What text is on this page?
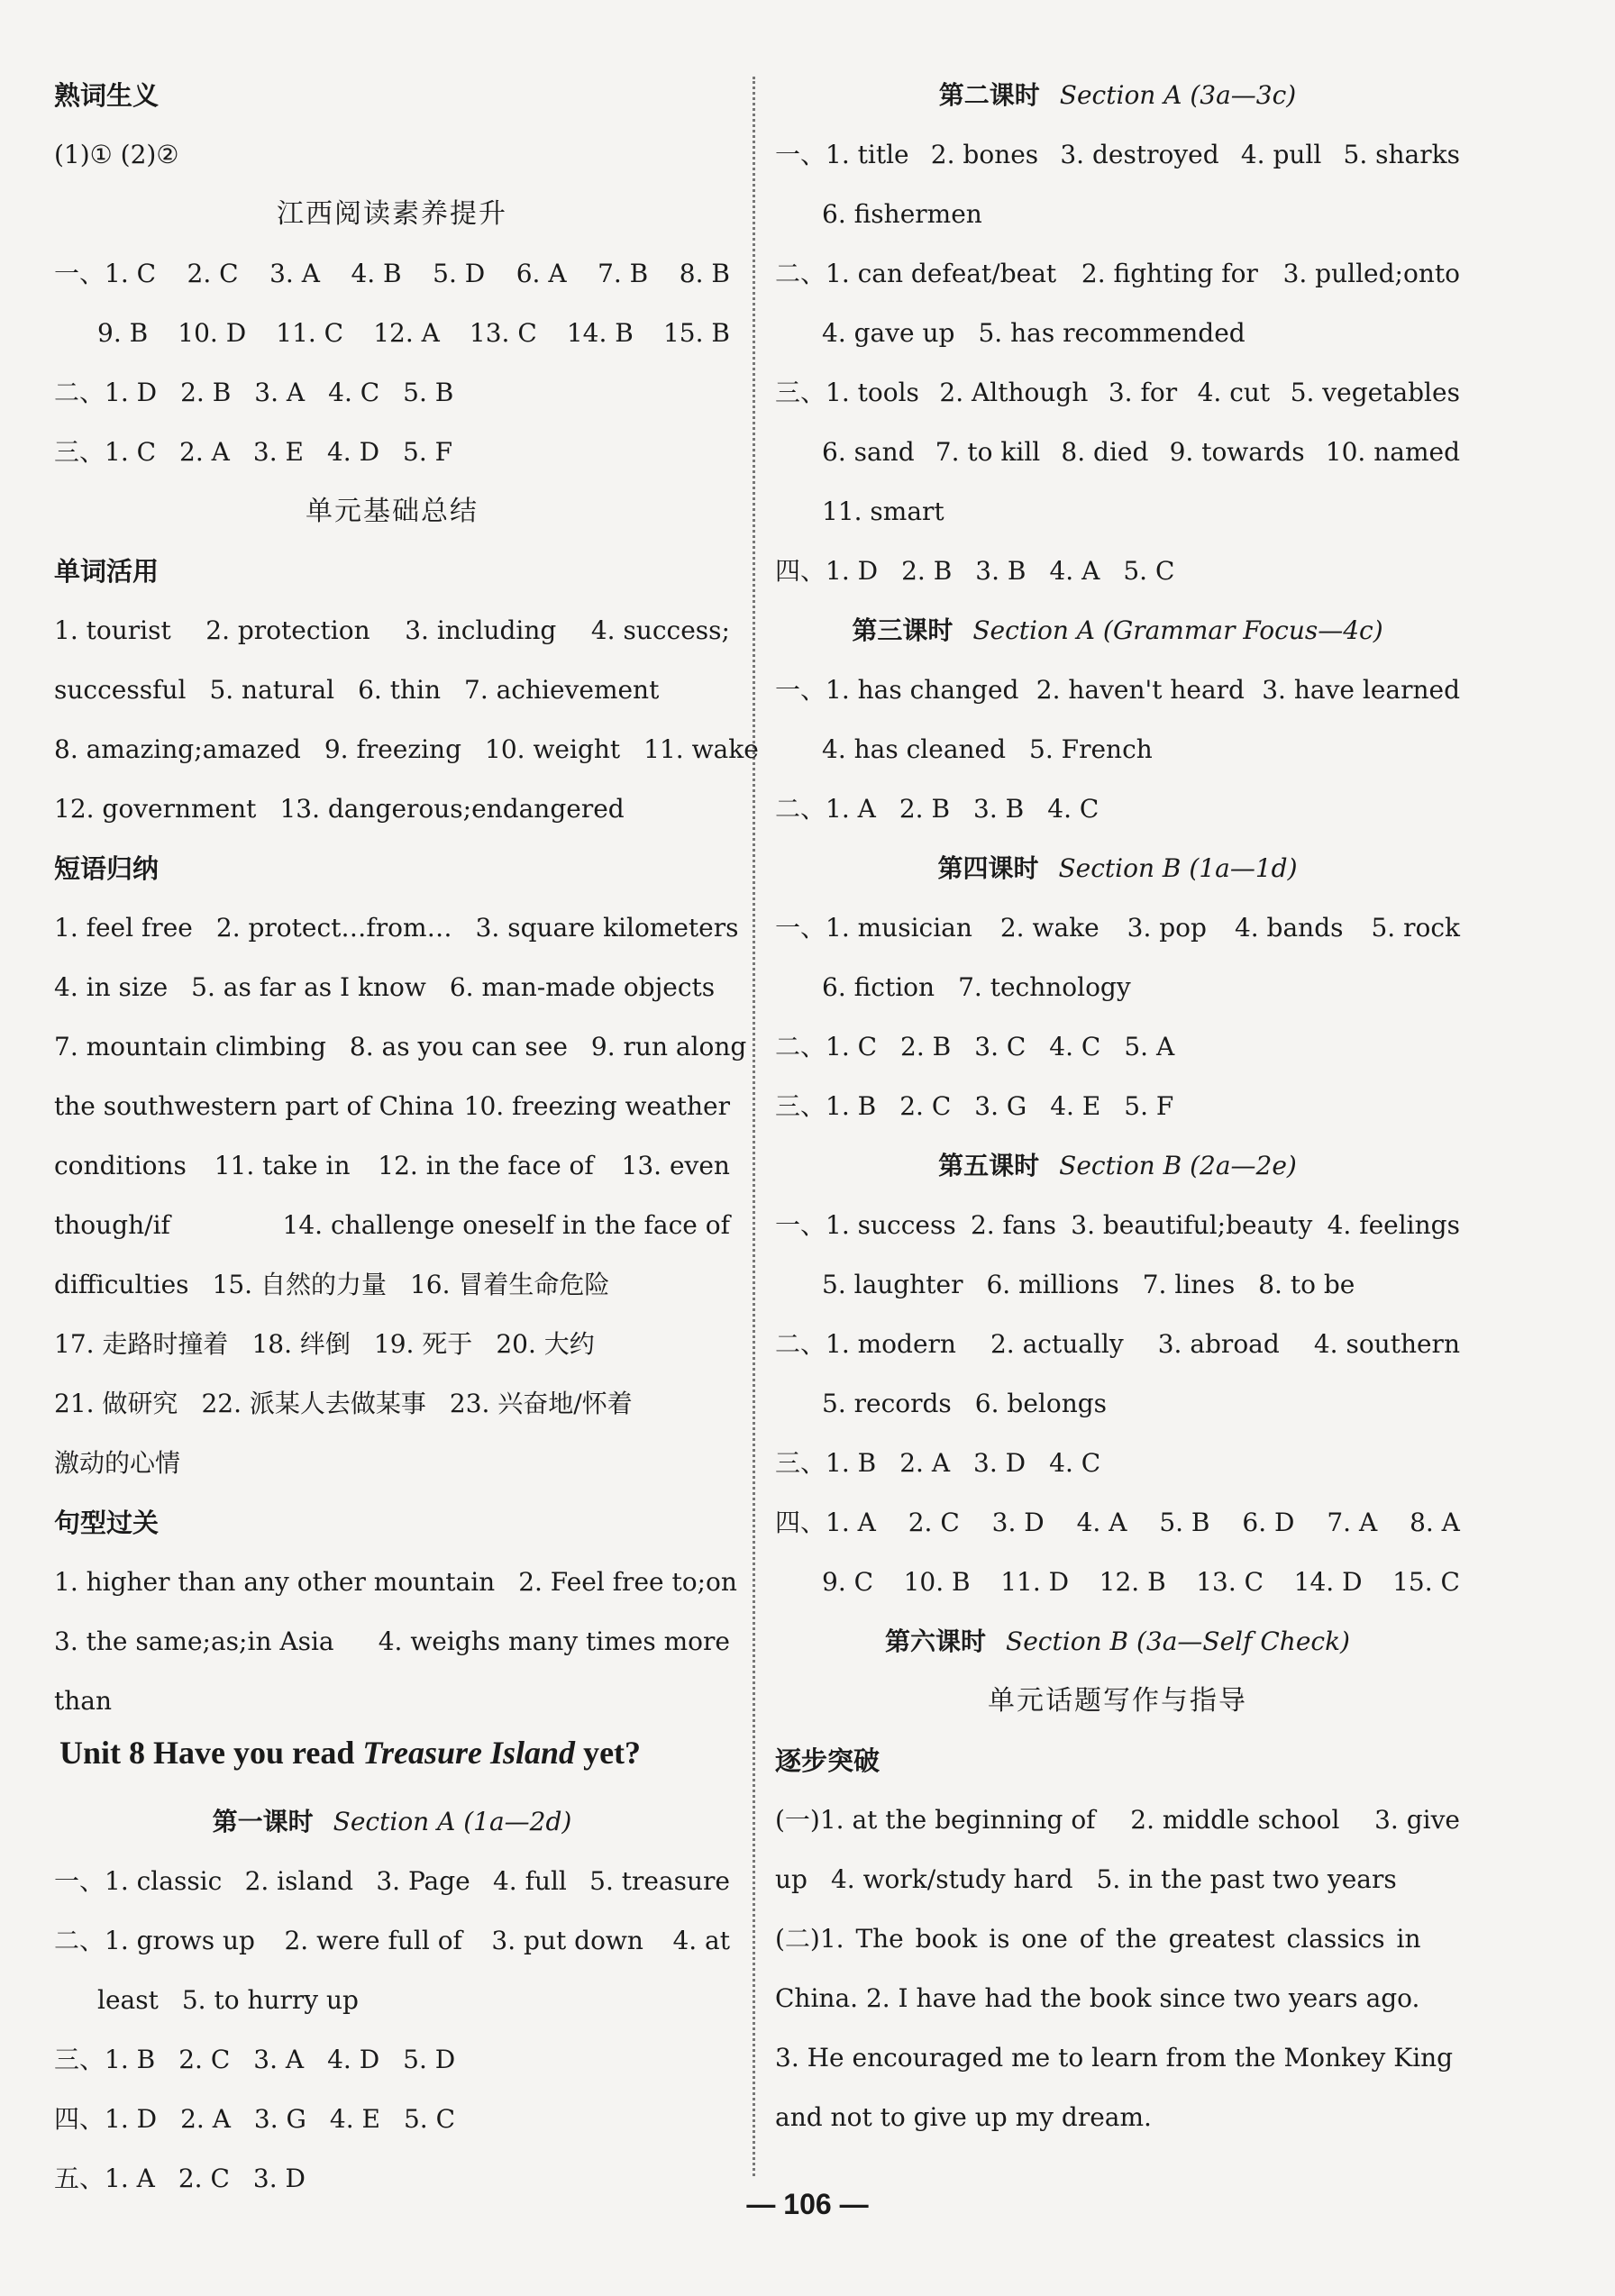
熟词生义
(1)① (2)②
江西阅读素养提升
一、1. C 2. C 3. A 4. B 5. D 6. A 7. B 8. B
9. B 10. D 11. C 12. A 13. C 14. B 15. B
二、1. D 2. B 3. A 4. C 5. B
三、1. C 2. A 3. E 4. D 5. F
单元基础总结
单词活用
1. tourist 2. protection 3. including 4. success;
successful 5. natural 6. thin 7. achievement
8. amazing;amazed 9. freezing 10. weight 11. wake
12. government 13. dangerous;endangered
短语归纳
1. feel free 2. protect…from… 3. square kilometers
4. in size 5. as far as I know 6. man-made objects
7. mountain climbing 8. as you can see 9. run along
the southwestern part of China 10. freezing weather
conditions 11. take in 12. in the face of 13. even
though/if	14. challenge oneself in the face of
difficulties 15. 自然的力量 16. 冒着生命危险
17. 走路时撞着 18. 绊倒 19. 死于 20. 大约
21. 做研究 22. 派某人去做某事 23. 兴奋地/怀着
激动的心情
句型过关
1. higher than any other mountain 2. Feel free to;on
3. the same;as;in Asia 4. weighs many times more
than
Unit 8 Have you read Treasure Island yet?
第一课时 Section A (1a—2d)
一、1. classic 2. island 3. Page 4. full 5. treasure
二、1. grows up 2. were full of 3. put down 4. at
least 5. to hurry up
三、1. B 2. C 3. A 4. D 5. D
四、1. D 2. A 3. G 4. E 5. C
五、1. A 2. C 3. D
第二课时 Section A (3a—3c)
一、1. title 2. bones 3. destroyed 4. pull 5. sharks
6. fishermen
二、1. can defeat/beat 2. fighting for 3. pulled;onto
4. gave up 5. has recommended
三、1. tools 2. Although 3. for 4. cut 5. vegetables
6. sand 7. to kill 8. died 9. towards 10. named
11. smart
四、1. D 2. B 3. B 4. A 5. C
第三课时 Section A (Grammar Focus—4c)
一、1. has changed 2. haven't heard 3. have learned
4. has cleaned 5. French
二、1. A 2. B 3. B 4. C
第四课时 Section B (1a—1d)
一、1. musician 2. wake 3. pop 4. bands 5. rock
6. fiction 7. technology
二、1. C 2. B 3. C 4. C 5. A
三、1. B 2. C 3. G 4. E 5. F
第五课时 Section B (2a—2e)
一、1. success 2. fans 3. beautiful;beauty 4. feelings
5. laughter 6. millions 7. lines 8. to be
二、1. modern 2. actually 3. abroad 4. southern
5. records 6. belongs
三、1. B 2. A 3. D 4. C
四、1. A 2. C 3. D 4. A 5. B 6. D 7. A 8. A
9. C 10. B 11. D 12. B 13. C 14. D 15. C
第六课时 Section B (3a—Self Check)
单元话题写作与指导
逐步突破
(一)1. at the beginning of 2. middle school 3. give
up 4. work/study hard 5. in the past two years
(二)1. The book is one of the greatest classics in
China. 2. I have had the book since two years ago.
3. He encouraged me to learn from the Monkey King
and not to give up my dream.
— 106 —
